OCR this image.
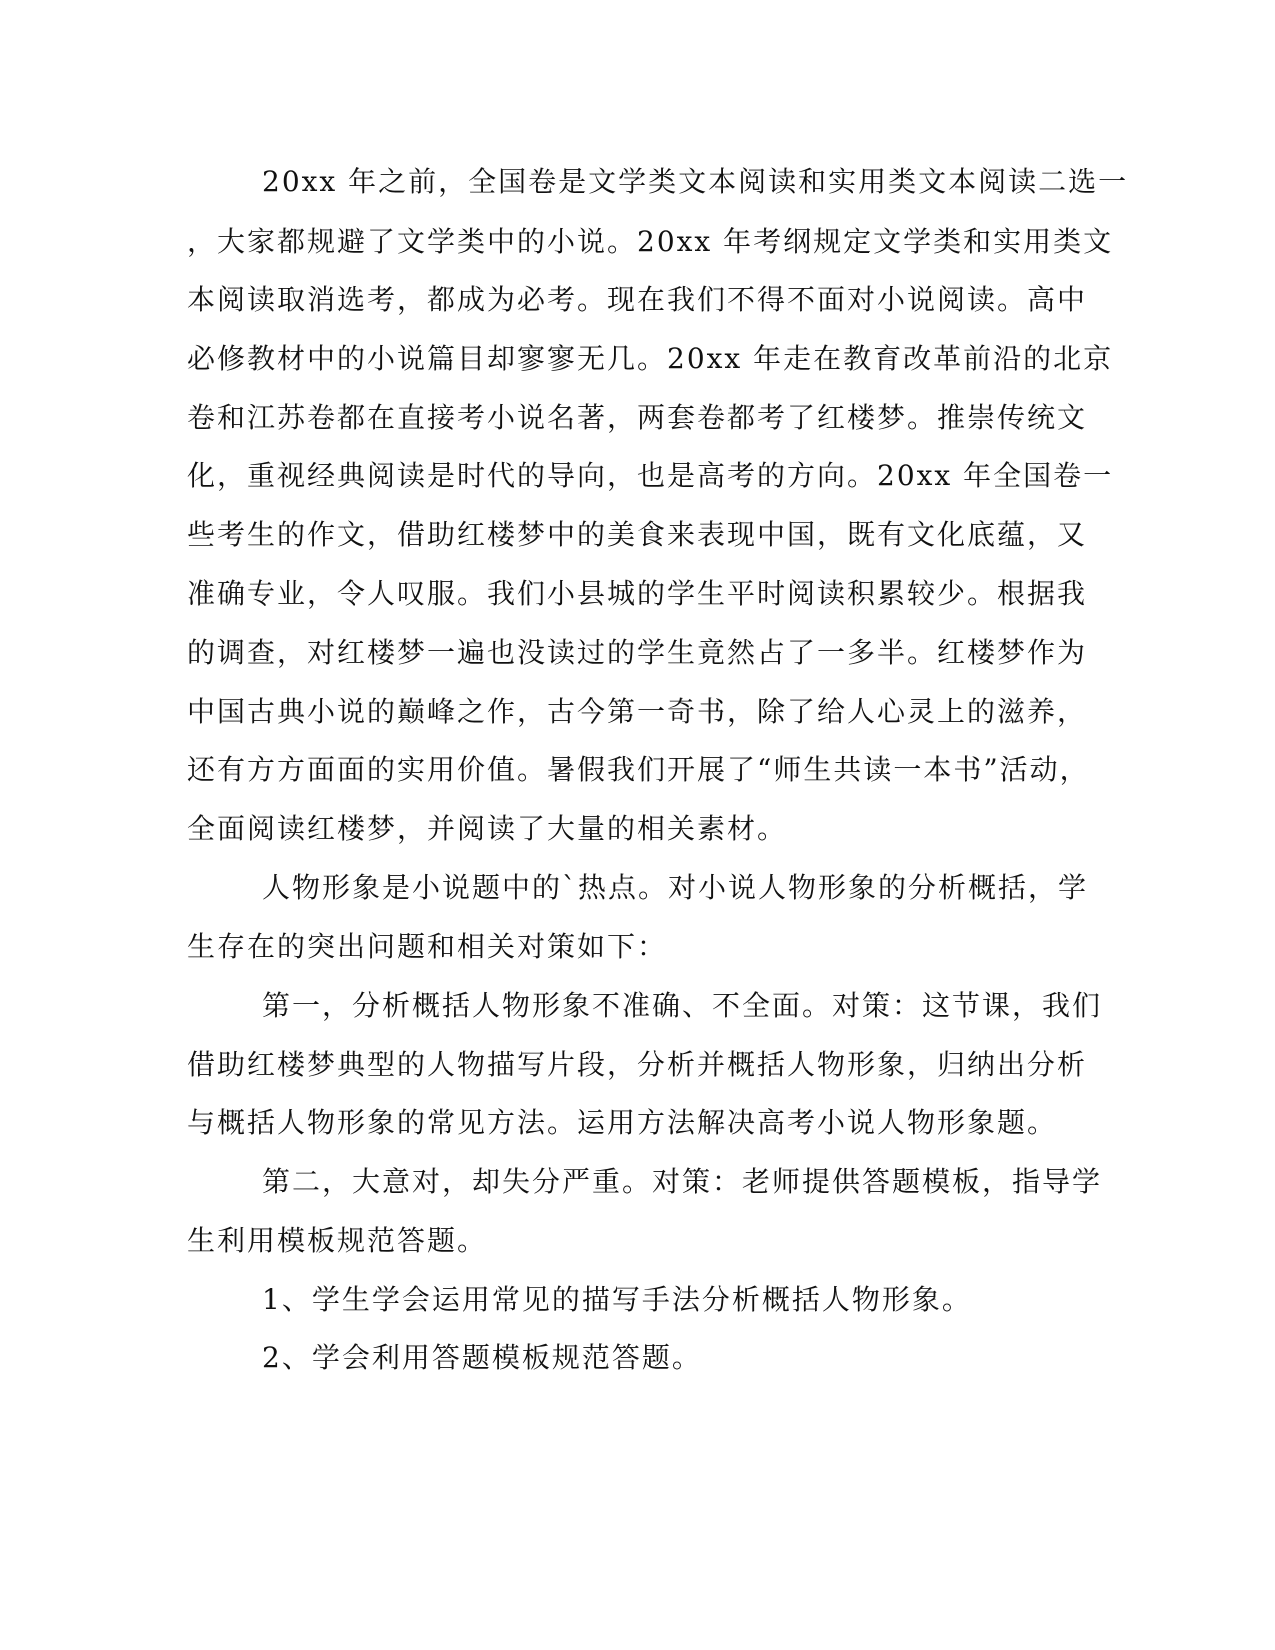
20xx 年之前，全国卷是文学类文本阅读和实用类文本阅读二选一
，大家都规避了文学类中的小说。20xx 年考纲规定文学类和实用类文
本阅读取消选考，都成为必考。现在我们不得不面对小说阅读。高中
必修教材中的小说篇目却寥寥无几。20xx 年走在教育改革前沿的北京
卷和江苏卷都在直接考小说名著，两套卷都考了红楼梦。推崇传统文
化，重视经典阅读是时代的导向，也是高考的方向。20xx 年全国卷一
些考生的作文，借助红楼梦中的美食来表现中国，既有文化底蕴，又
准确专业，令人叹服。我们小县城的学生平时阅读积累较少。根据我
的调查，对红楼梦一遍也没读过的学生竟然占了一多半。红楼梦作为
中国古典小说的巅峰之作，古今第一奇书，除了给人心灵上的滋养，
还有方方面面的实用价值。暑假我们开展了“师生共读一本书”活动，
全面阅读红楼梦，并阅读了大量的相关素材。
人物形象是小说题中的`热点。对小说人物形象的分析概括，学
生存在的突出问题和相关对策如下：
第一，分析概括人物形象不准确、不全面。对策：这节课，我们
借助红楼梦典型的人物描写片段，分析并概括人物形象，归纳出分析
与概括人物形象的常见方法。运用方法解决高考小说人物形象题。
第二，大意对，却失分严重。对策：老师提供答题模板，指导学
生利用模板规范答题。
1、学生学会运用常见的描写手法分析概括人物形象。
2、学会利用答题模板规范答题。
